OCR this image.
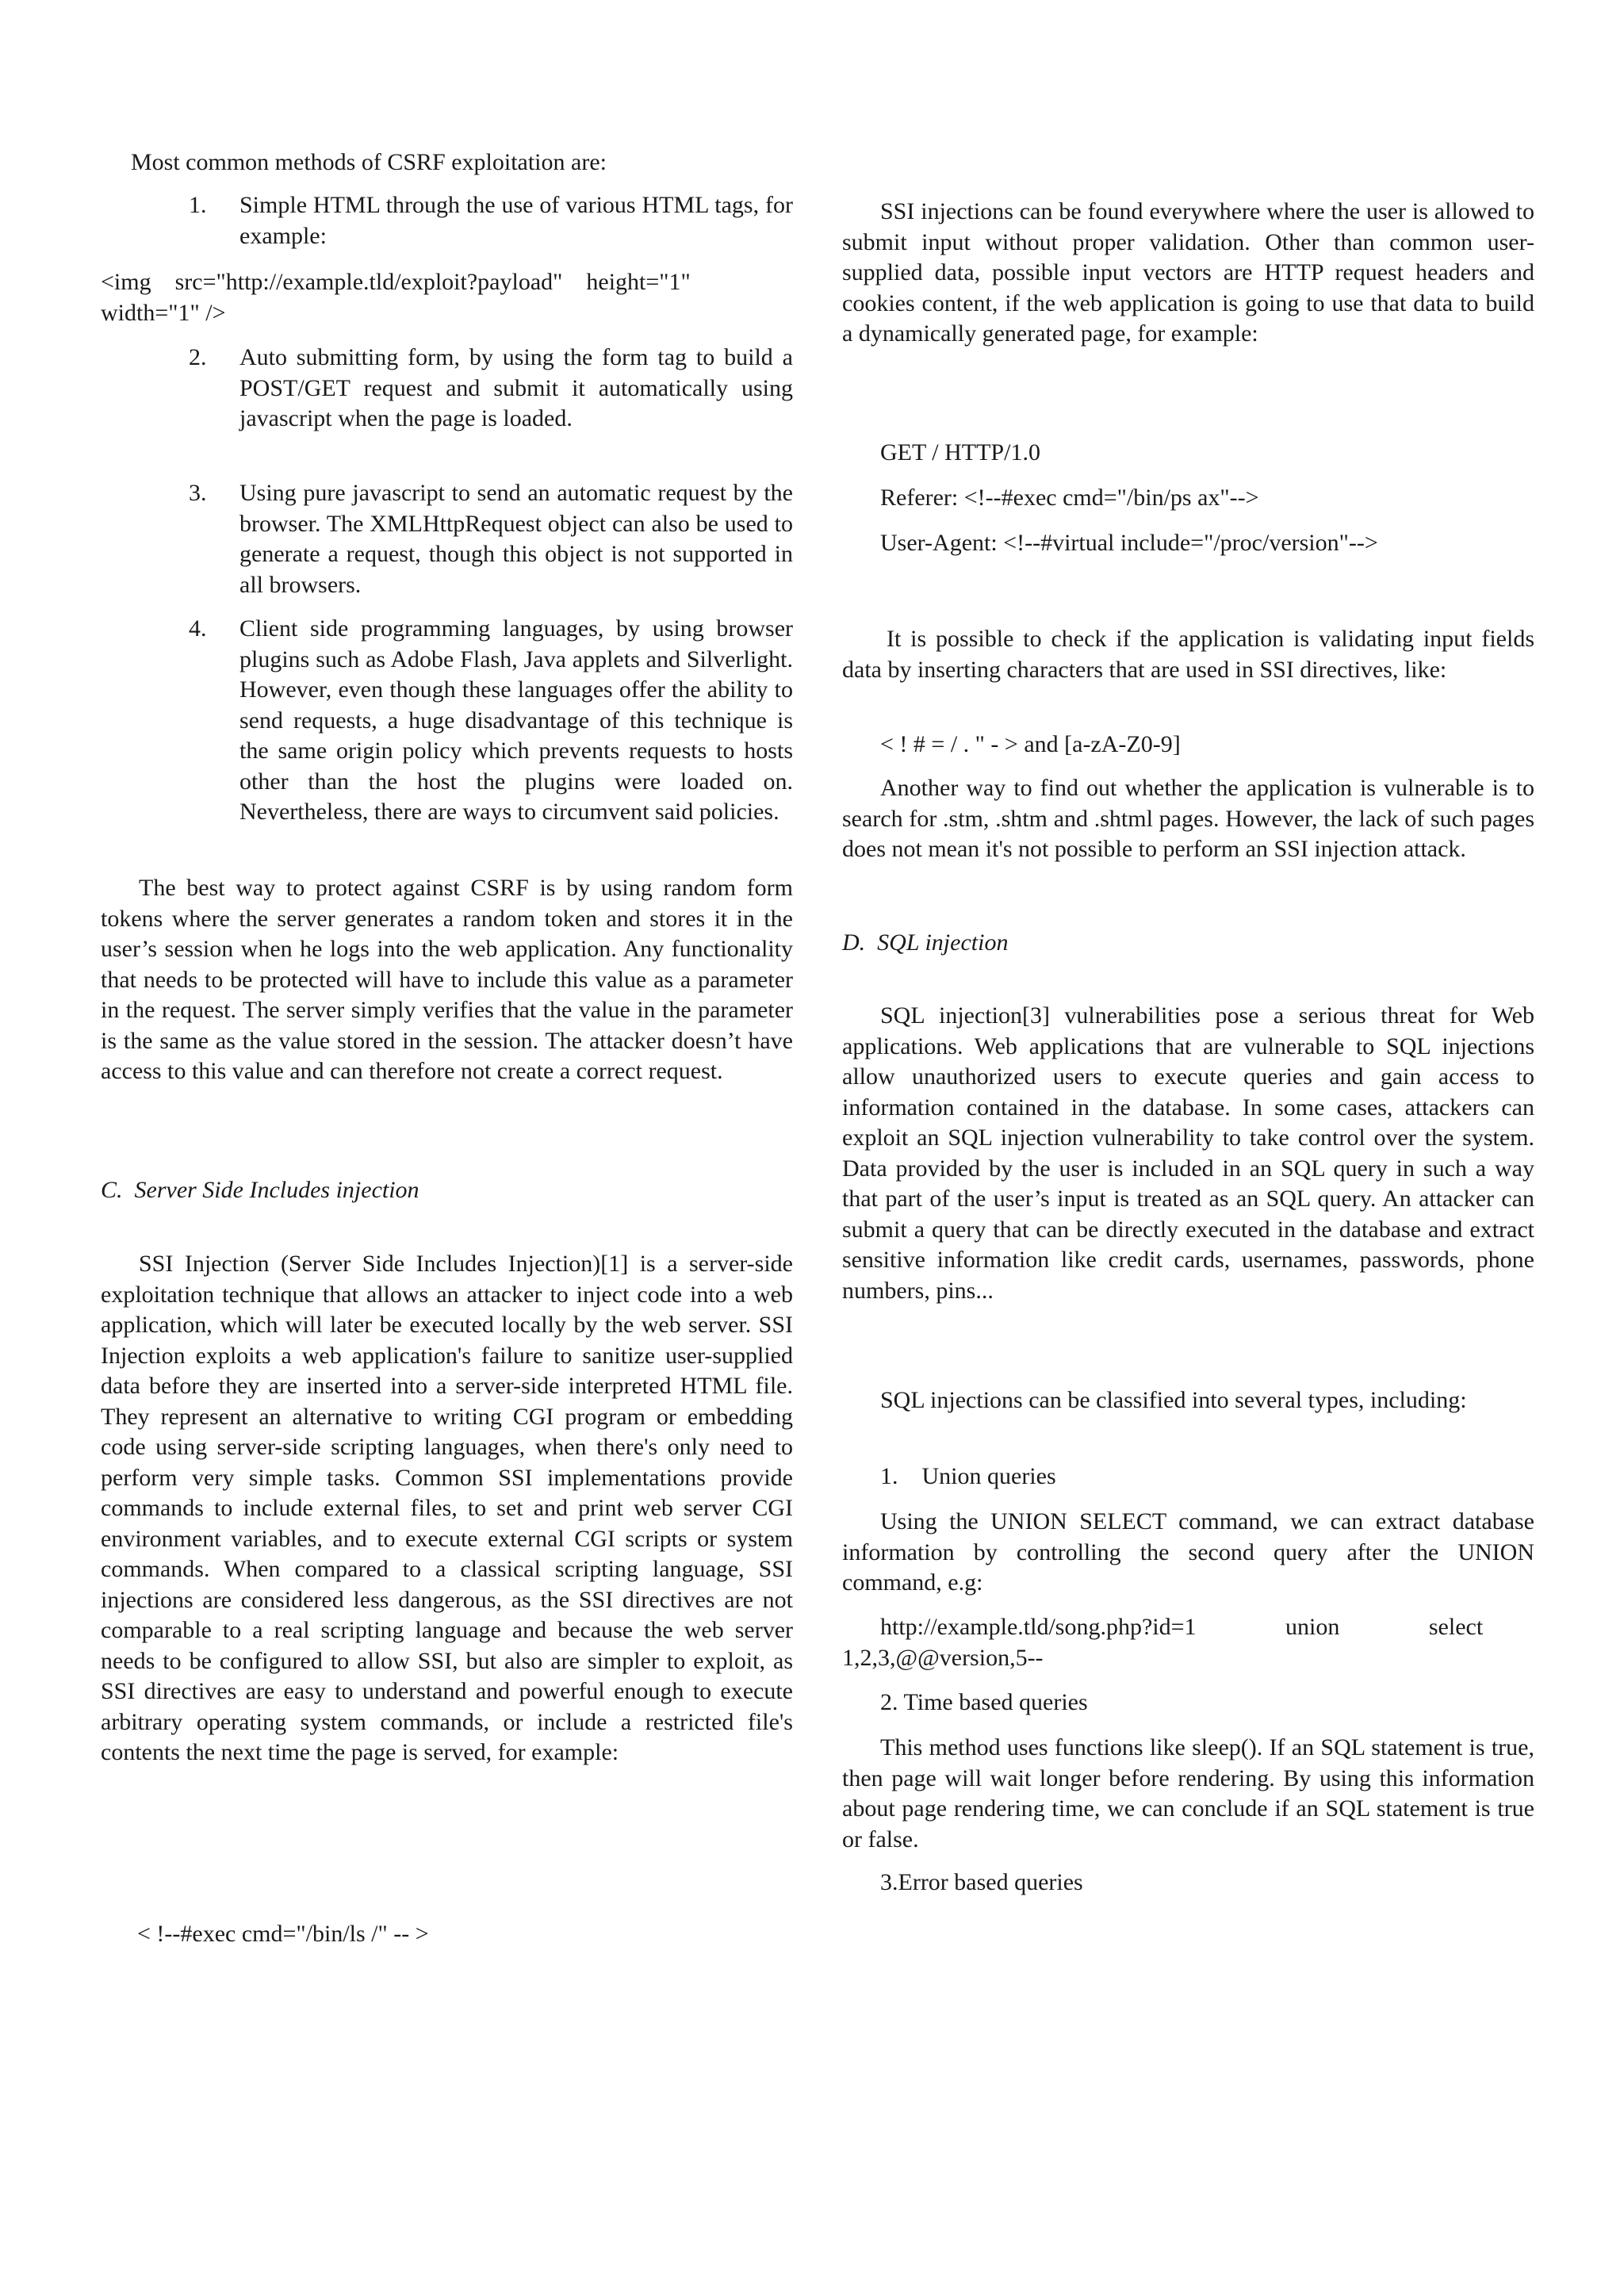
Most common methods of CSRF exploitation are:

1.	Simple HTML through the use of various HTML tags, for example:

<img    src="http://example.tld/exploit?payload"    height="1"

width="1" />

2.	Auto submitting form, by using the form tag to build a POST/GET request and submit it automatically using javascript when the page is loaded.

3.	Using pure javascript to send an automatic request by the browser. The XMLHttpRequest object can also be used to generate a request, though this object is not supported in all browsers.

4.	Client side programming languages, by using browser plugins such as Adobe Flash, Java applets and Silverlight. However, even though these languages offer the ability to send requests, a huge disadvantage of this technique is the same origin policy which prevents requests to hosts other than the host the plugins were loaded on. Nevertheless, there are ways to circumvent said policies.

The best way to protect against CSRF is by using random form tokens where the server generates a random token and stores it in the user’s session when he logs into the web application. Any functionality that needs to be protected will have to include this value as a parameter in the request. The server simply verifies that the value in the parameter is the same as the value stored in the session. The attacker doesn’t have access to this value and can therefore not create a correct request.

C.  Server Side Includes injection

SSI Injection (Server Side Includes Injection)[1] is a server-side exploitation technique that allows an attacker to inject code into a web application, which will later be executed locally by the web server. SSI Injection exploits a web application's failure to sanitize user-supplied data before they are inserted into a server-side interpreted HTML file. They represent an alternative to writing CGI program or embedding code using server-side scripting languages, when there's only need to perform very simple tasks. Common SSI implementations provide commands to include external files, to set and print web server CGI environment variables, and to execute external CGI scripts or system commands. When compared to a classical scripting language, SSI injections are considered less dangerous, as the SSI directives are not comparable to a real scripting language and because the web server needs to be configured to allow SSI, but also are simpler to exploit, as SSI directives are easy to understand and powerful enough to execute arbitrary operating system commands, or include a restricted file's contents the next time the page is served, for example:

< !--#exec cmd="/bin/ls /" -- >

SSI injections can be found everywhere where the user is allowed to submit input without proper validation. Other than common user-supplied data, possible input vectors are HTTP request headers and cookies content, if the web application is going to use that data to build a dynamically generated page, for example:

GET / HTTP/1.0

Referer: <!--#exec cmd="/bin/ps ax"-->

User-Agent: <!--#virtual include="/proc/version"-->

It is possible to check if the application is validating input fields data by inserting characters that are used in SSI directives, like:

< ! # = / . " - > and [a-zA-Z0-9]

Another way to find out whether the application is vulnerable is to search for .stm, .shtm and .shtml pages. However, the lack of such pages does not mean it's not possible to perform an SSI injection attack.

D.  SQL injection

SQL injection[3] vulnerabilities pose a serious threat for Web applications. Web applications that are vulnerable to SQL injections allow unauthorized users to execute queries and gain access to information contained in the database. In some cases, attackers can exploit an SQL injection vulnerability to take control over the system. Data provided by the user is included in an SQL query in such a way that part of the user’s input is treated as an SQL query. An attacker can submit a query that can be directly executed in the database and extract sensitive information like credit cards, usernames, passwords, phone numbers, pins...

SQL injections can be classified into several types, including:

1.    Union queries

Using the UNION SELECT command, we can extract database information by controlling the second query after the UNION command, e.g:

http://example.tld/song.php?id=1               union               select

1,2,3,@@version,5--

2. Time based queries

This method uses functions like sleep(). If an SQL statement is true, then page will wait longer before rendering. By using this information about page rendering time, we can conclude if an SQL statement is true or false.

3.Error based queries
